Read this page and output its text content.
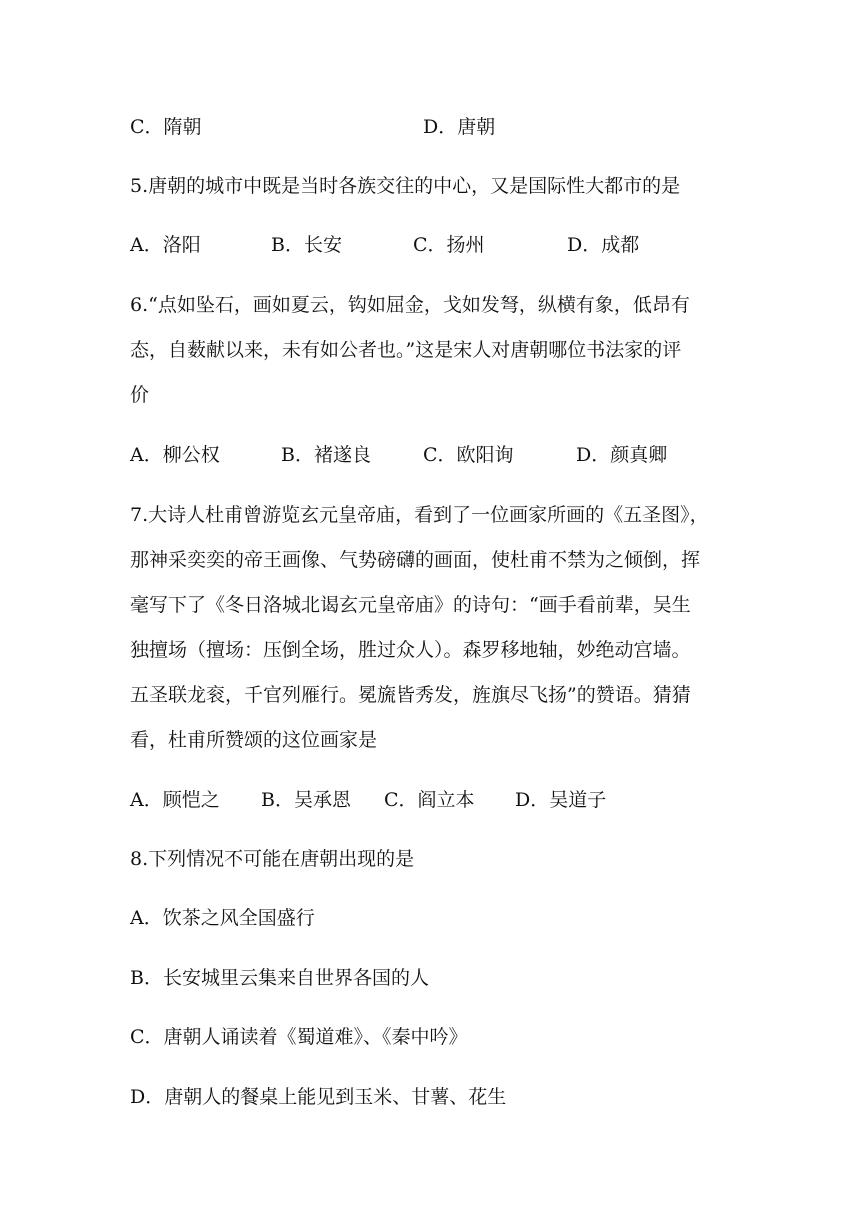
C．隋朝	D．唐朝
5.唐朝的城市中既是当时各族交往的中心，又是国际性大都市的是
A．洛阳	B．长安	C．扬州	D．成都
6.“点如坠石，画如夏云，钩如屈金，戈如发弩，纵横有象，低昂有
态，自薮献以来，未有如公者也。”这是宋人对唐朝哪位书法家的评
价
A．柳公权	B．褚遂良	C．欧阳询	D．颜真卿
7.大诗人杜甫曾游览玄元皇帝庙，看到了一位画家所画的《五圣图》，
那神采奕奕的帝王画像、气势磅礴的画面，使杜甫不禁为之倾倒，挥
毫写下了《冬日洛城北谒玄元皇帝庙》的诗句：“画手看前辈，吴生
独擅场（擅场：压倒全场，胜过众人）。森罗移地轴，妙绝动宫墙。
五圣联龙衮，千官列雁行。冕旒皆秀发，旌旗尽飞扬”的赞语。猜猜
看，杜甫所赞颂的这位画家是
A．顾恺之 B．吴承恩 C．阎立本 D．吴道子
8.下列情况不可能在唐朝出现的是
A．饮茶之风全国盛行
B．长安城里云集来自世界各国的人
C．唐朝人诵读着《蜀道难》、《秦中吟》
D．唐朝人的餐桌上能见到玉米、甘薯、花生
